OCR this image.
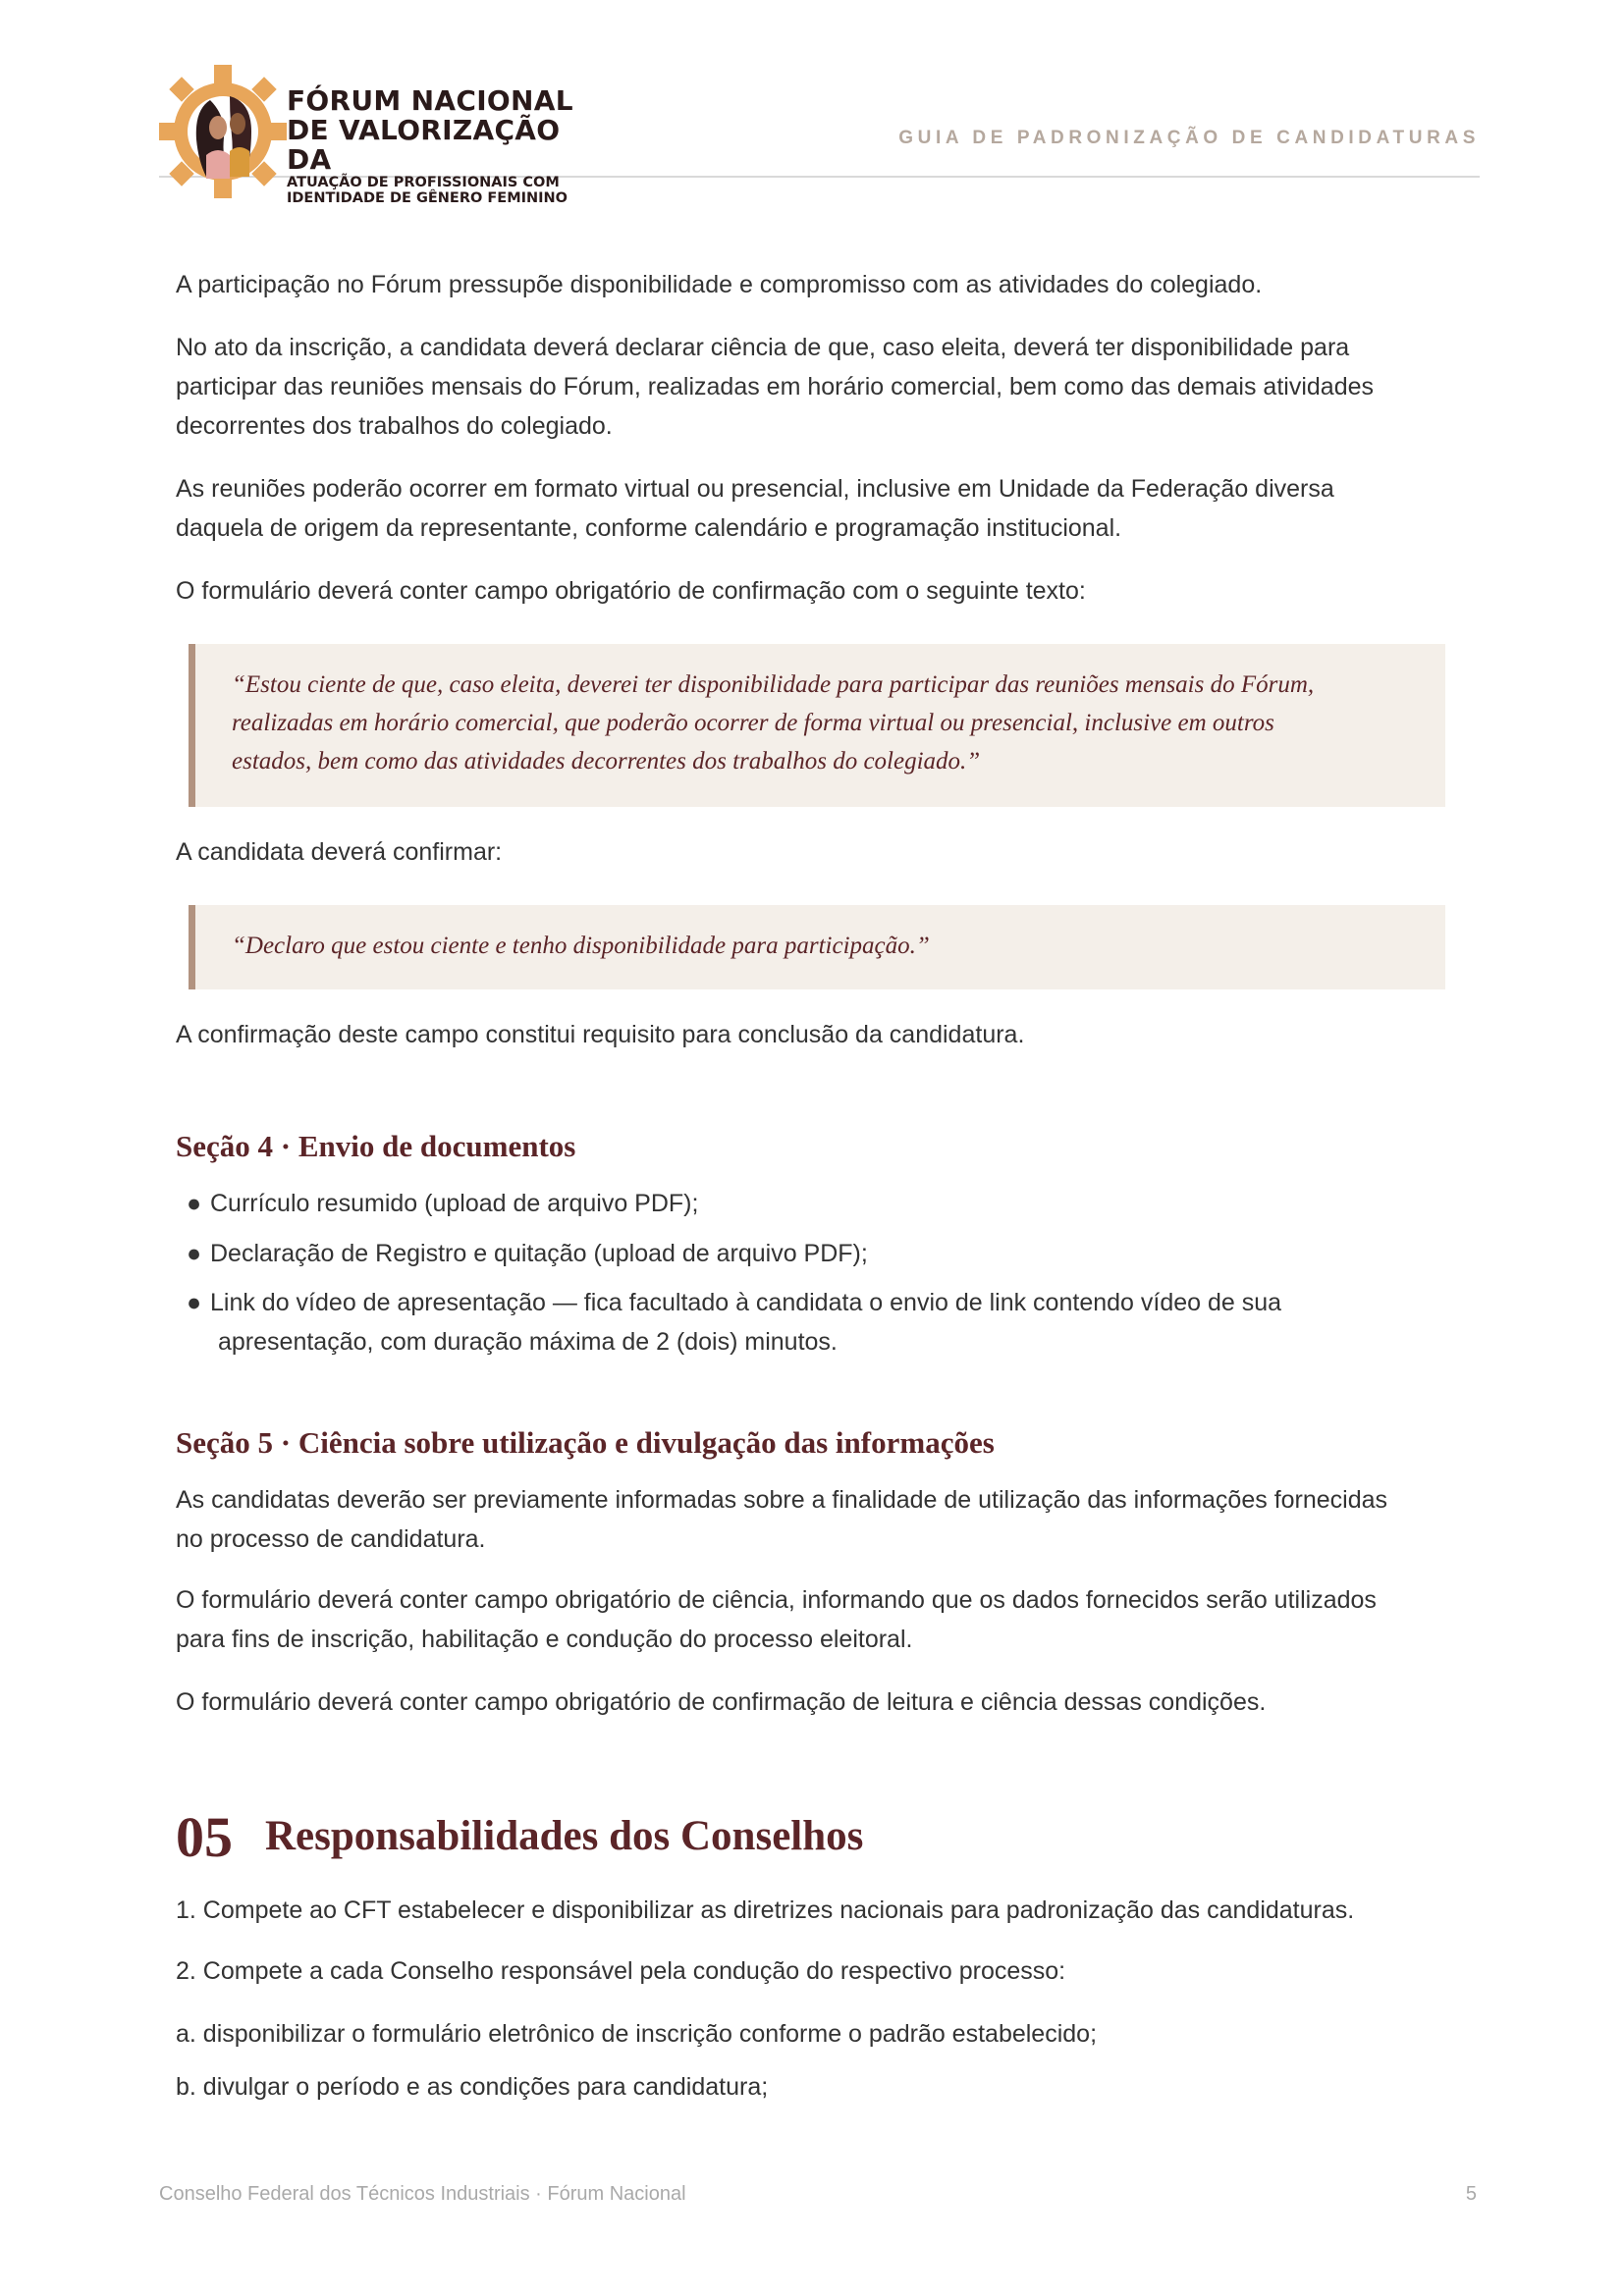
FÓRUM NACIONAL
DE VALORIZAÇÃO DA
ATUAÇÃO DE PROFISSIONAIS COM
IDENTIDADE DE GÊNERO FEMININO
GUIA DE PADRONIZAÇÃO DE CANDIDATURAS

A participação no Fórum pressupõe disponibilidade e compromisso com as atividades do colegiado.

No ato da inscrição, a candidata deverá declarar ciência de que, caso eleita, deverá ter disponibilidade para

participar das reuniões mensais do Fórum, realizadas em horário comercial, bem como das demais atividades

decorrentes dos trabalhos do colegiado.

As reuniões poderão ocorrer em formato virtual ou presencial, inclusive em Unidade da Federação diversa

daquela de origem da representante, conforme calendário e programação institucional.

O formulário deverá conter campo obrigatório de confirmação com o seguinte texto:

“Estou ciente de que, caso eleita, deverei ter disponibilidade para participar das reuniões mensais do Fórum,
realizadas em horário comercial, que poderão ocorrer de forma virtual ou presencial, inclusive em outros
estados, bem como das atividades decorrentes dos trabalhos do colegiado.”

A candidata deverá confirmar:

“Declaro que estou ciente e tenho disponibilidade para participação.”

A confirmação deste campo constitui requisito para conclusão da candidatura.

Seção 4 · Envio de documentos
● Currículo resumido (upload de arquivo PDF);
● Declaração de Registro e quitação (upload de arquivo PDF);
● Link do vídeo de apresentação — fica facultado à candidata o envio de link contendo vídeo de sua
apresentação, com duração máxima de 2 (dois) minutos.
Seção 5 · Ciência sobre utilização e divulgação das informações

As candidatas deverão ser previamente informadas sobre a finalidade de utilização das informações fornecidas

no processo de candidatura.

O formulário deverá conter campo obrigatório de ciência, informando que os dados fornecidos serão utilizados

para fins de inscrição, habilitação e condução do processo eleitoral.

O formulário deverá conter campo obrigatório de confirmação de leitura e ciência dessas condições.

05 Responsabilidades dos Conselhos

1. Compete ao CFT estabelecer e disponibilizar as diretrizes nacionais para padronização das candidaturas.

2. Compete a cada Conselho responsável pela condução do respectivo processo:

a. disponibilizar o formulário eletrônico de inscrição conforme o padrão estabelecido;

b. divulgar o período e as condições para candidatura;

Conselho Federal dos Técnicos Industriais · Fórum Nacional	5
